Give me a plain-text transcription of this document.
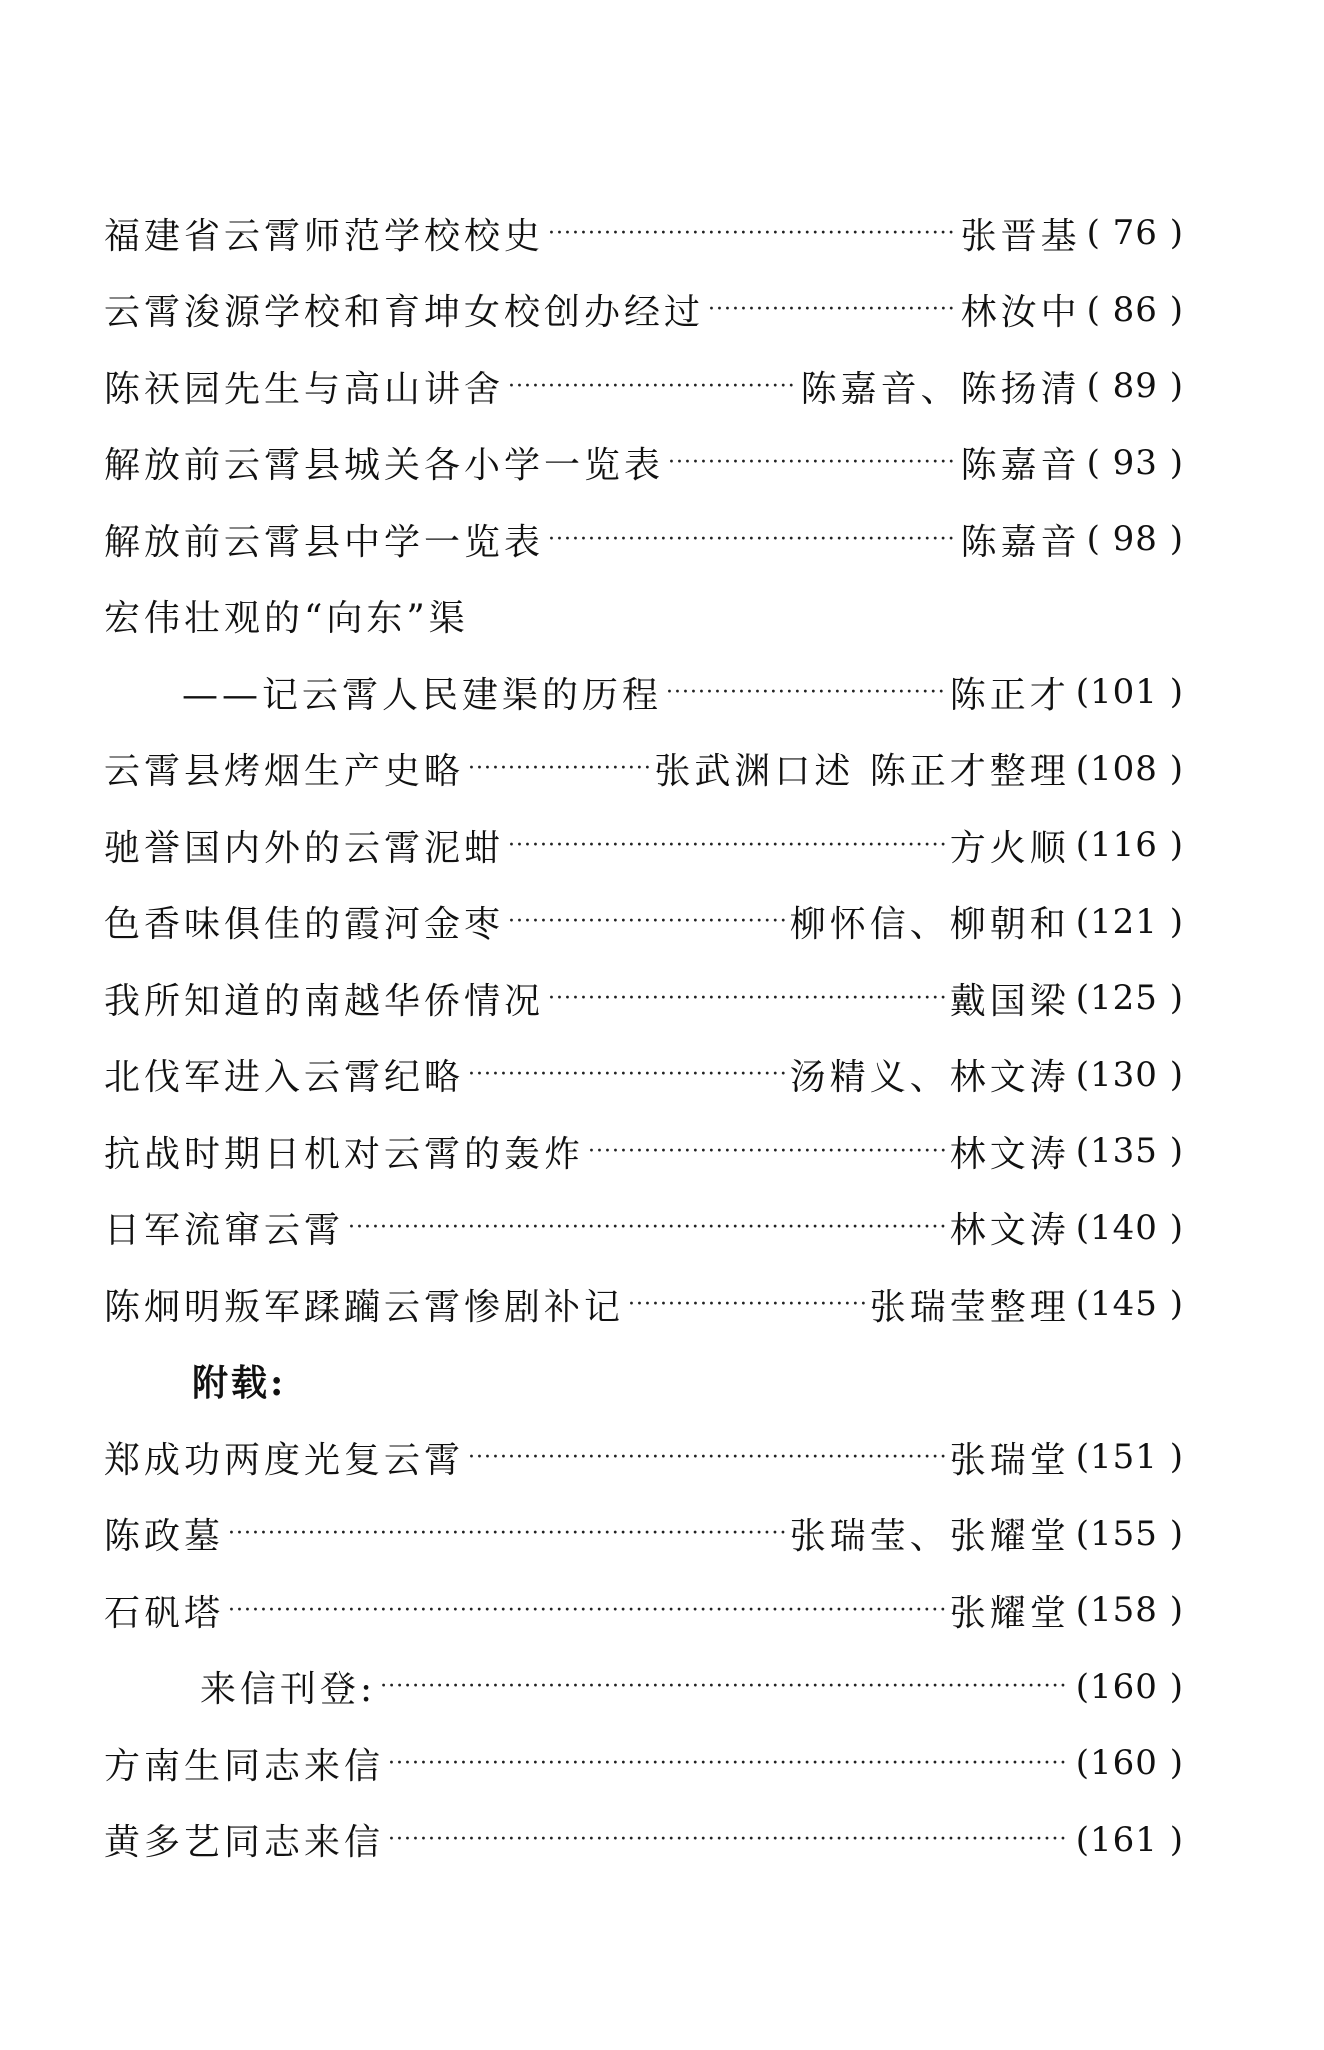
福建省云霄师范学校校史 ·····	张晋基 ( 76 )
云霄浚源学校和育坤女校创办经过 ·····	林汝中 ( 86 )
陈祆园先生与高山讲舍 ·····	陈嘉音、陈扬清 ( 89 )
解放前云霄县城关各小学一览表 ·····	陈嘉音 ( 93 )
解放前云霄县中学一览表 ·····	陈嘉音 ( 98 )
宏伟壮观的“向东”渠
——记云霄人民建渠的历程 ·····	陈正才 (101 )
云霄县烤烟生产史略 ·····	张武渊口述 陈正才整理 (108 )
驰誉国内外的云霄泥蚶 ·····	方火顺 (116 )
色香味俱佳的霞河金枣 ·····	柳怀信、柳朝和 (121 )
我所知道的南越华侨情况 ·····	戴国梁 (125 )
北伐军进入云霄纪略 ·····	汤精义、林文涛 (130 )
抗战时期日机对云霄的轰炸 ·····	林文涛 (135 )
日军流窜云霄 ·····	林文涛 (140 )
陈炯明叛军蹂躏云霄惨剧补记 ·····	张瑞莹整理 (145 )
附载:
郑成功两度光复云霄 ·····	张瑞堂 (151 )
陈政墓 ·····	张瑞莹、张耀堂 (155 )
石矾塔 ·····	张耀堂 (158 )
来信刊登: ·····	(160 )
方南生同志来信 ·····	(160 )
黄多艺同志来信 ·····	(161 )
